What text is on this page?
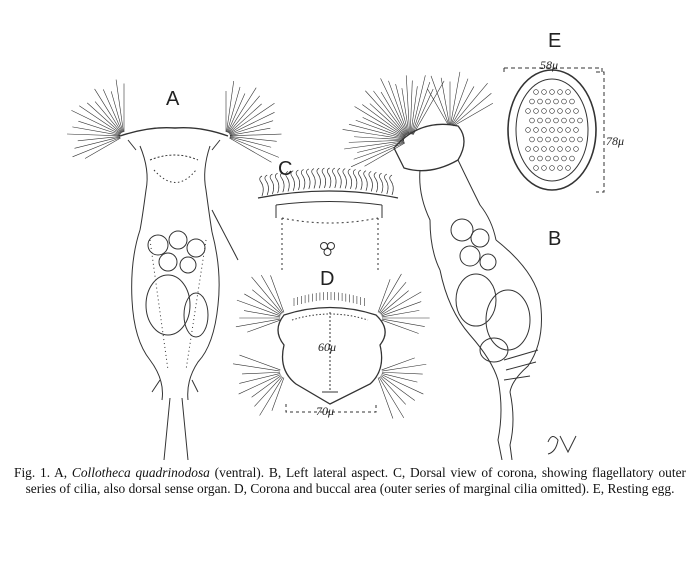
A
B
C
D
E
58μ
78μ
60μ
70μ
Fig. 1. A, Collotheca quadrinodosa (ventral). B, Left lateral aspect. C, Dorsal view of corona, showing flagellatory outer series of cilia, also dorsal sense organ. D, Corona and buccal area (outer series of marginal cilia omitted). E, Resting egg.
